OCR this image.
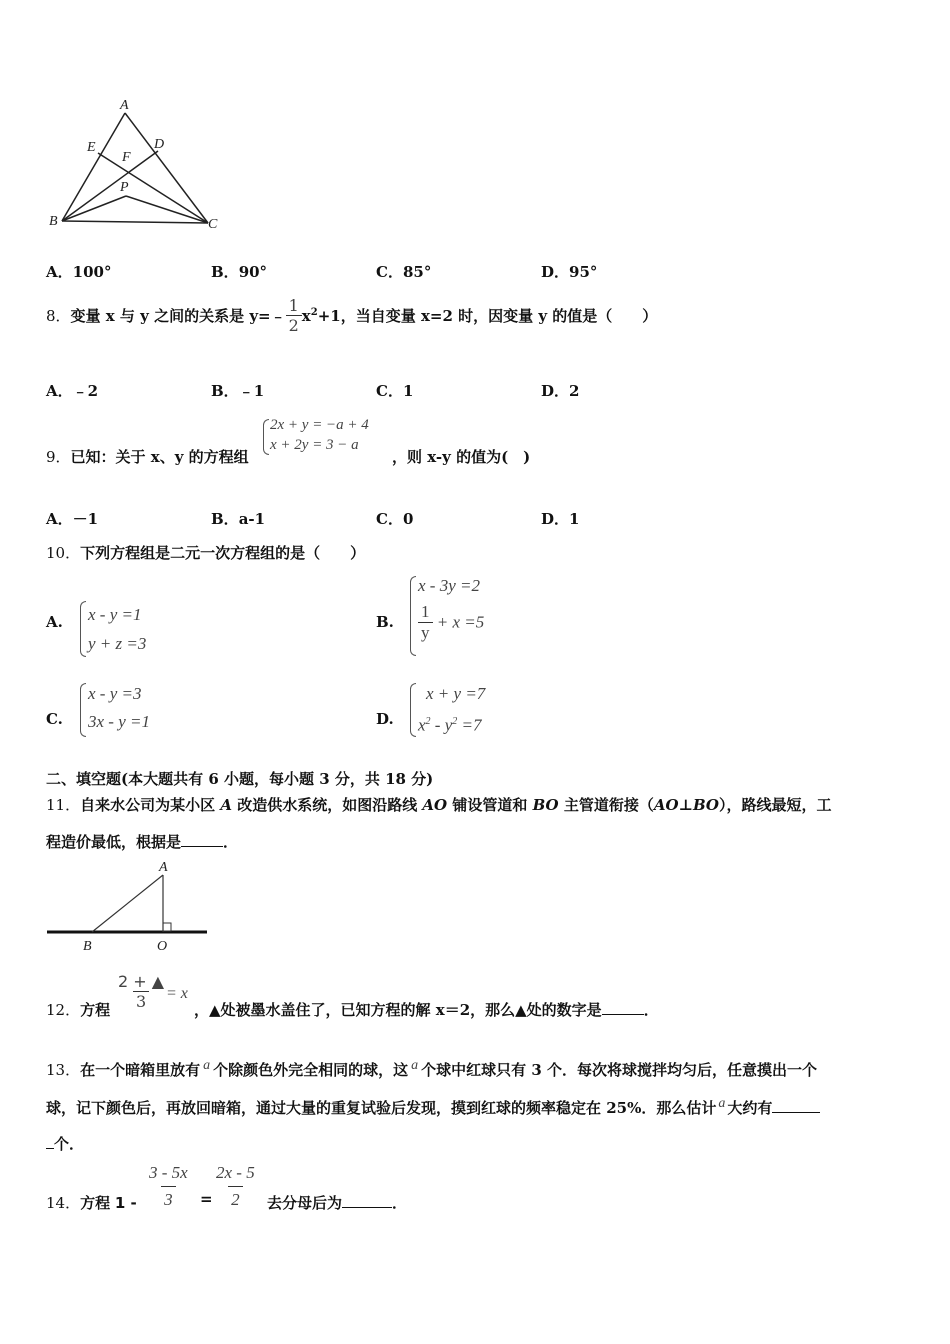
A
E	D
F
P
B	C
A．100°	B．90°	C．85°	D．95°
8．变量 x 与 y 之间的关系是 y=﹣ $\frac{1}{2} x^2+1$，当自变量 x=2 时，因变量 y 的值是（　　）
A．﹣2	B．﹣1	C．1	D．2
9．已知：关于 x、y 的方程组
2x + y = −a + 4
x + 2y = 3 − a
，则 x-y 的值为(　)
A．－1	B．a-1	C．0	D．1
10．下列方程组是二元一次方程组的是（　　）
A. x - y =1
y + z =3
B.
x - 3y =2
$\frac{1}{y} + x =5$
C.
x - y =3
3x - y =1	D.
x + y =7
$x^2 - y^2 =7$
二、填空题(本大题共有 6 小题，每小题 3 分，共 18 分)
11．自来水公司为某小区 A 改造供水系统，如图沿路线 AO 铺设管道和 BO 主管道衔接（AO⊥BO），路线最短，工
程造价最低，根据是	．
A
B	O
12．方程 $\frac{2 + ▲}{3}$
= x
，▲处被墨水盖住了，已知方程的解 x＝2，那么▲处的数字是	．
13．在一个暗箱里放有 $^a$ 个除颜色外完全相同的球，这 $^a$ 个球中红球只有 3 个．每次将球搅拌均匀后，任意摸出一个
球，记下颜色后，再放回暗箱，通过大量的重复试验后发现，摸到红球的频率稳定在 25%．那么估计 $^a$ 大约有
个．
14．方程 $1 - \frac{3 - 5x}{3} = \frac{2x - 5}{2}$ 去分母后为	．
